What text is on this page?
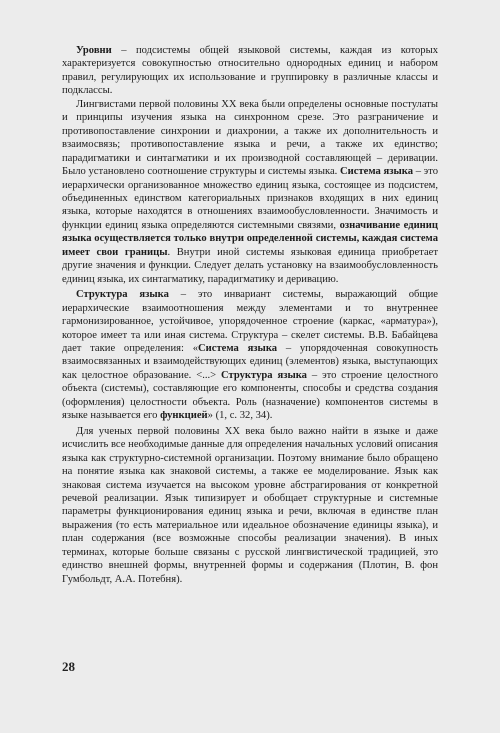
Уровни – подсистемы общей языковой системы, каждая из которых характеризуется совокупностью относительно однородных единиц и набором правил, регулирующих их использование и группировку в различные классы и подклассы.

Лингвистами первой половины XX века были определены основные постулаты и принципы изучения языка на синхронном срезе. Это разграничение и противопоставление синхронии и диахронии, а также их дополнительность и взаимосвязь; противопоставление языка и речи, а также их единство; парадигматики и синтагматики и их производной составляющей – деривации. Было установлено соотношение структуры и системы языка. Система языка – это иерархически организованное множество единиц языка, состоящее из подсистем, объединенных единством категориальных признаков входящих в них единиц языка, которые находятся в отношениях взаимообусловленности. Значимость и функции единиц языка определяются системными связями, означивание единиц языка осуществляется только внутри определенной системы, каждая система имеет свои границы. Внутри иной системы языковая единица приобретает другие значения и функции. Следует делать установку на взаимообусловленность единиц языка, их синтагматику, парадигматику и деривацию.

Структура языка – это инвариант системы, выражающий общие иерархические взаимоотношения между элементами и то внутреннее гармонизированное, устойчивое, упорядоченное строение (каркас, «арматура»), которое имеет та или иная система. Структура – скелет системы. В.В. Бабайцева дает такие определения: «Система языка – упорядоченная совокупность взаимосвязанных и взаимодействующих единиц (элементов) языка, выступающих как целостное образование. <...> Структура языка – это строение целостного объекта (системы), составляющие его компоненты, способы и средства создания (оформления) целостности объекта. Роль (назначение) компонентов системы в языке называется его функцией» (1, с. 32, 34).

Для ученых первой половины XX века было важно найти в языке и даже исчислить все необходимые данные для определения начальных условий описания языка как структурно-системной организации. Поэтому внимание было обращено на понятие языка как знаковой системы, а также ее моделирование. Язык как знаковая система изучается на высоком уровне абстрагирования от конкретной речевой реализации. Язык типизирует и обобщает структурные и системные параметры функционирования единиц языка и речи, включая в единстве план выражения (то есть материальное или идеальное обозначение единицы языка), и план содержания (все возможные способы реализации значения). В иных терминах, которые больше связаны с русской лингвистической традицией, это единство внешней формы, внутренней формы и содержания (Плотин, В. фон Гумбольдт, А.А. Потебня).

28
